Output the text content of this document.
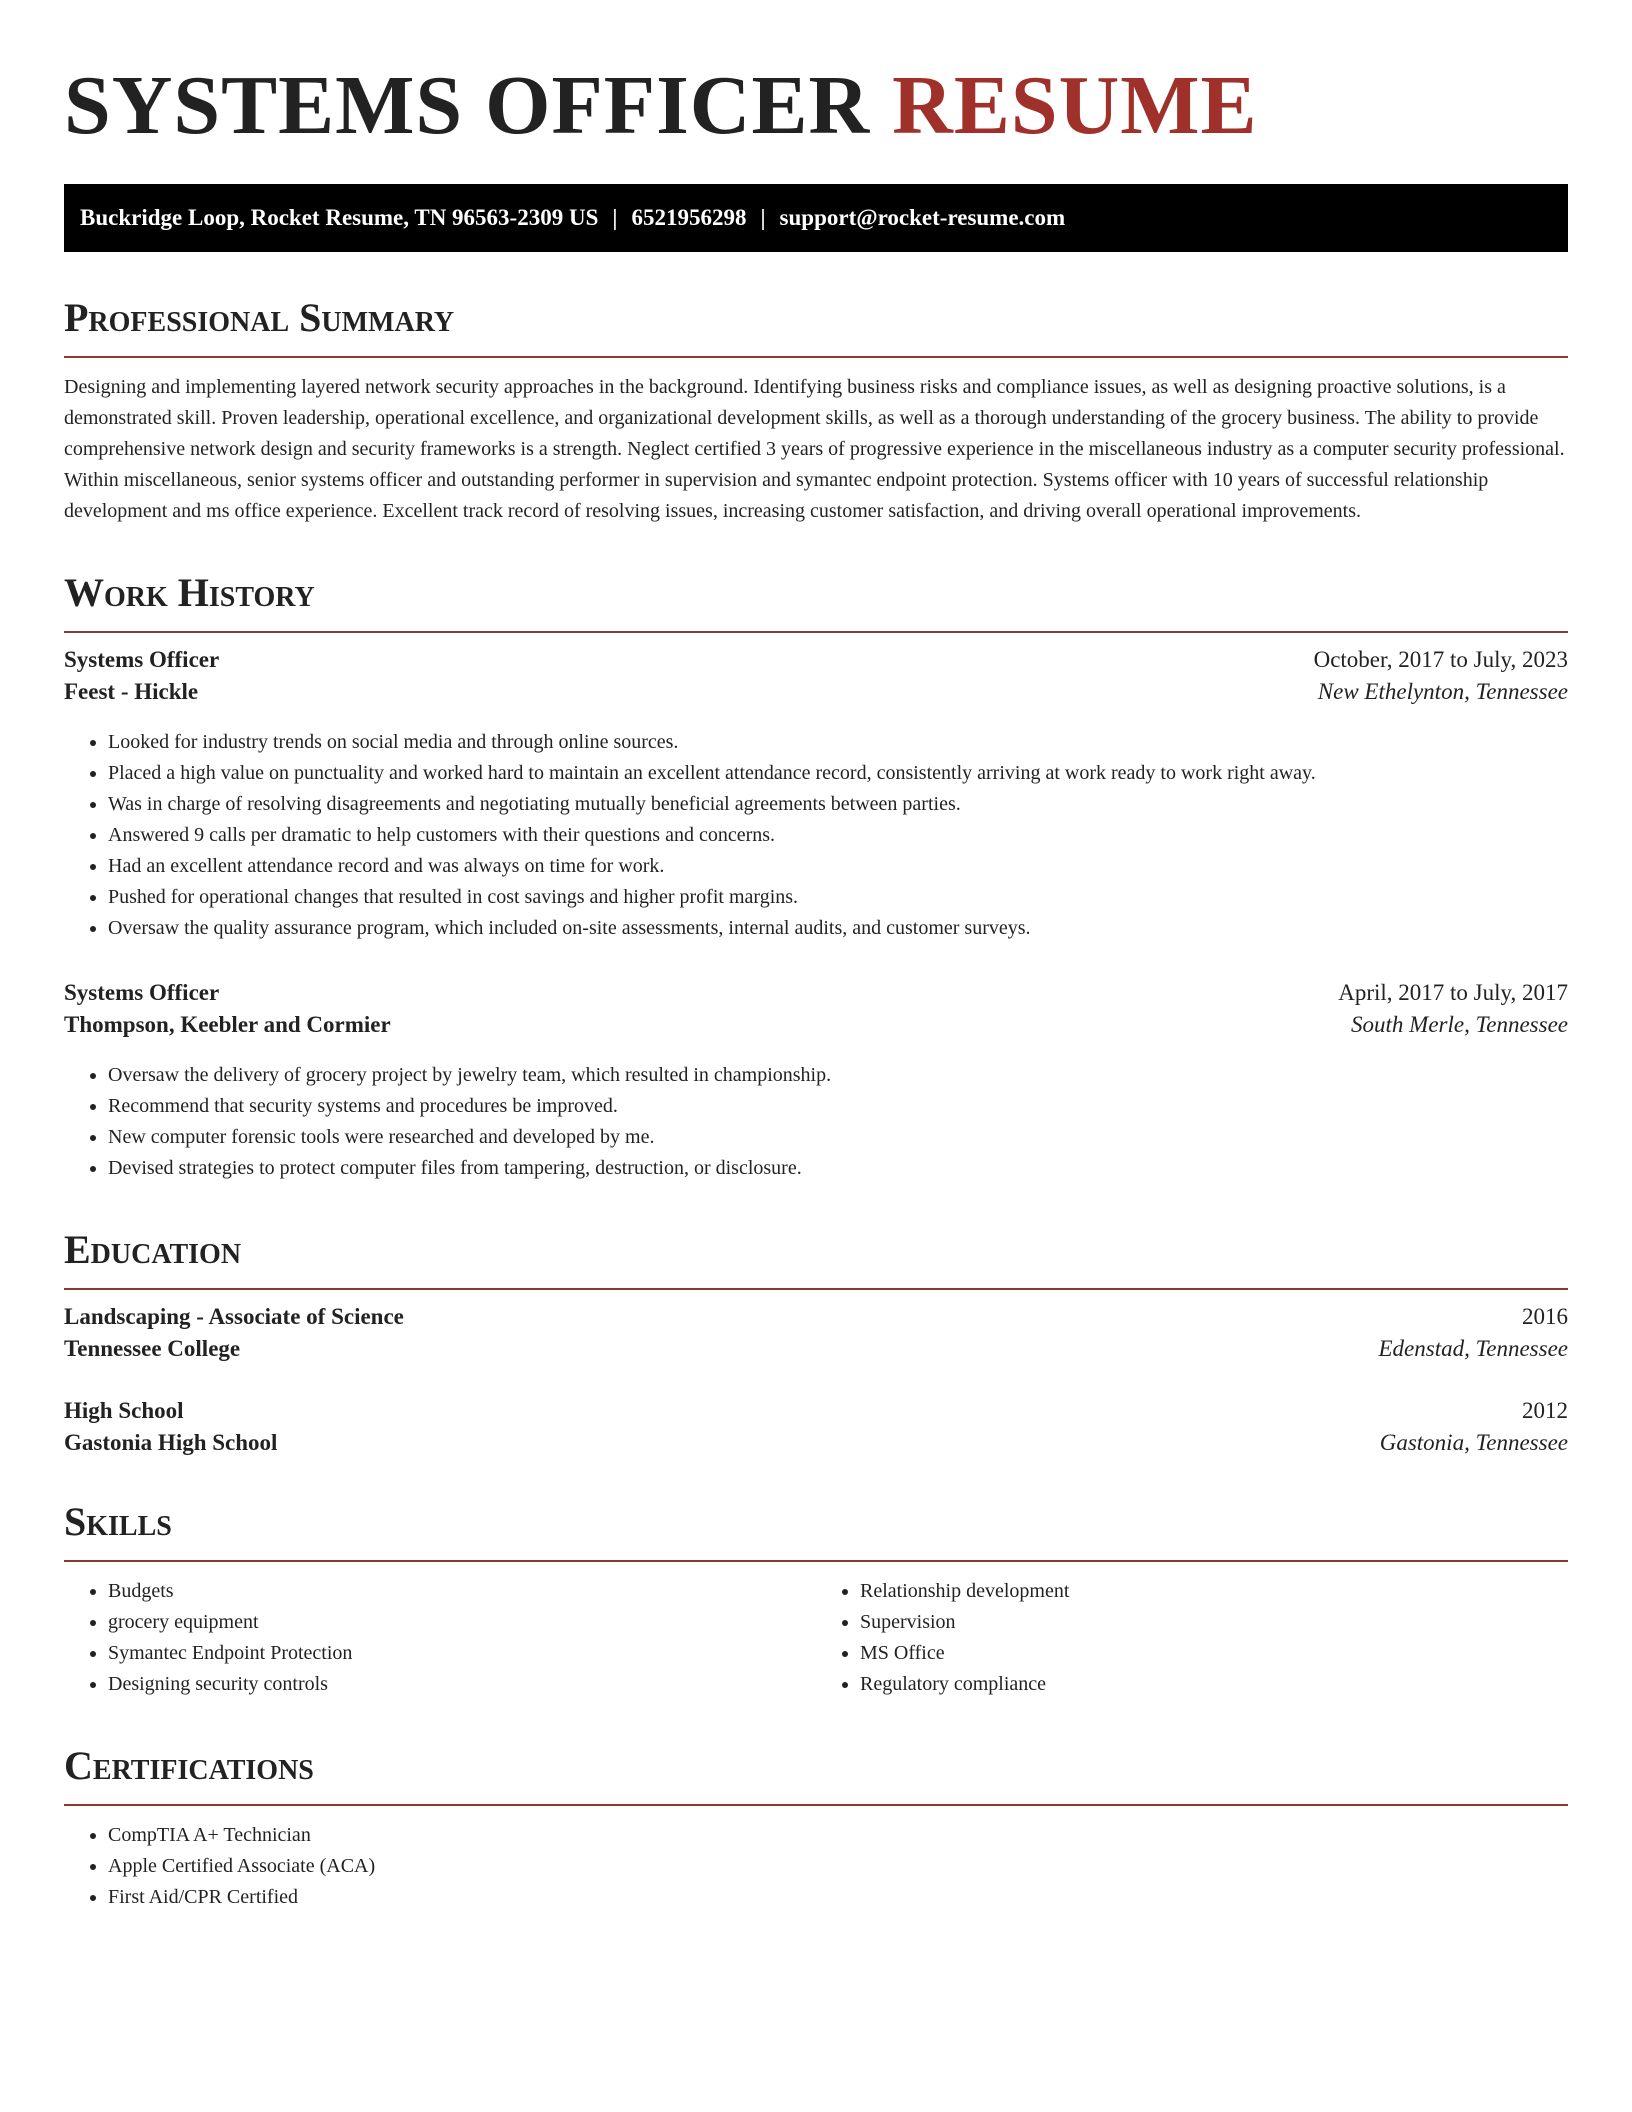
SYSTEMS OFFICER RESUME
Buckridge Loop, Rocket Resume, TN 96563-2309 US | 6521956298 | support@rocket-resume.com
Professional Summary

Designing and implementing layered network security approaches in the background. Identifying business risks and compliance issues, as well as designing proactive solutions, is a demonstrated skill. Proven leadership, operational excellence, and organizational development skills, as well as a thorough understanding of the grocery business. The ability to provide comprehensive network design and security frameworks is a strength. Neglect certified 3 years of progressive experience in the miscellaneous industry as a computer security professional. Within miscellaneous, senior systems officer and outstanding performer in supervision and symantec endpoint protection. Systems officer with 10 years of successful relationship development and ms office experience. Excellent track record of resolving issues, increasing customer satisfaction, and driving overall operational improvements.

Work History
Systems Officer	October, 2017 to July, 2023
Feest - Hickle	New Ethelynton, Tennessee
• Looked for industry trends on social media and through online sources.
• Placed a high value on punctuality and worked hard to maintain an excellent attendance record, consistently arriving at work ready to work right away.
• Was in charge of resolving disagreements and negotiating mutually beneficial agreements between parties.
• Answered 9 calls per dramatic to help customers with their questions and concerns.
• Had an excellent attendance record and was always on time for work.
• Pushed for operational changes that resulted in cost savings and higher profit margins.
• Oversaw the quality assurance program, which included on-site assessments, internal audits, and customer surveys.
Systems Officer	April, 2017 to July, 2017
Thompson, Keebler and Cormier	South Merle, Tennessee
• Oversaw the delivery of grocery project by jewelry team, which resulted in championship.
• Recommend that security systems and procedures be improved.
• New computer forensic tools were researched and developed by me.
• Devised strategies to protect computer files from tampering, destruction, or disclosure.
Education
Landscaping - Associate of Science	2016
Tennessee College	Edenstad, Tennessee
High School	2012
Gastonia High School	Gastonia, Tennessee
Skills
• Budgets
• grocery equipment
• Symantec Endpoint Protection
• Designing security controls
• Relationship development
• Supervision
• MS Office
• Regulatory compliance
Certifications
• CompTIA A+ Technician
• Apple Certified Associate (ACA)
• First Aid/CPR Certified
